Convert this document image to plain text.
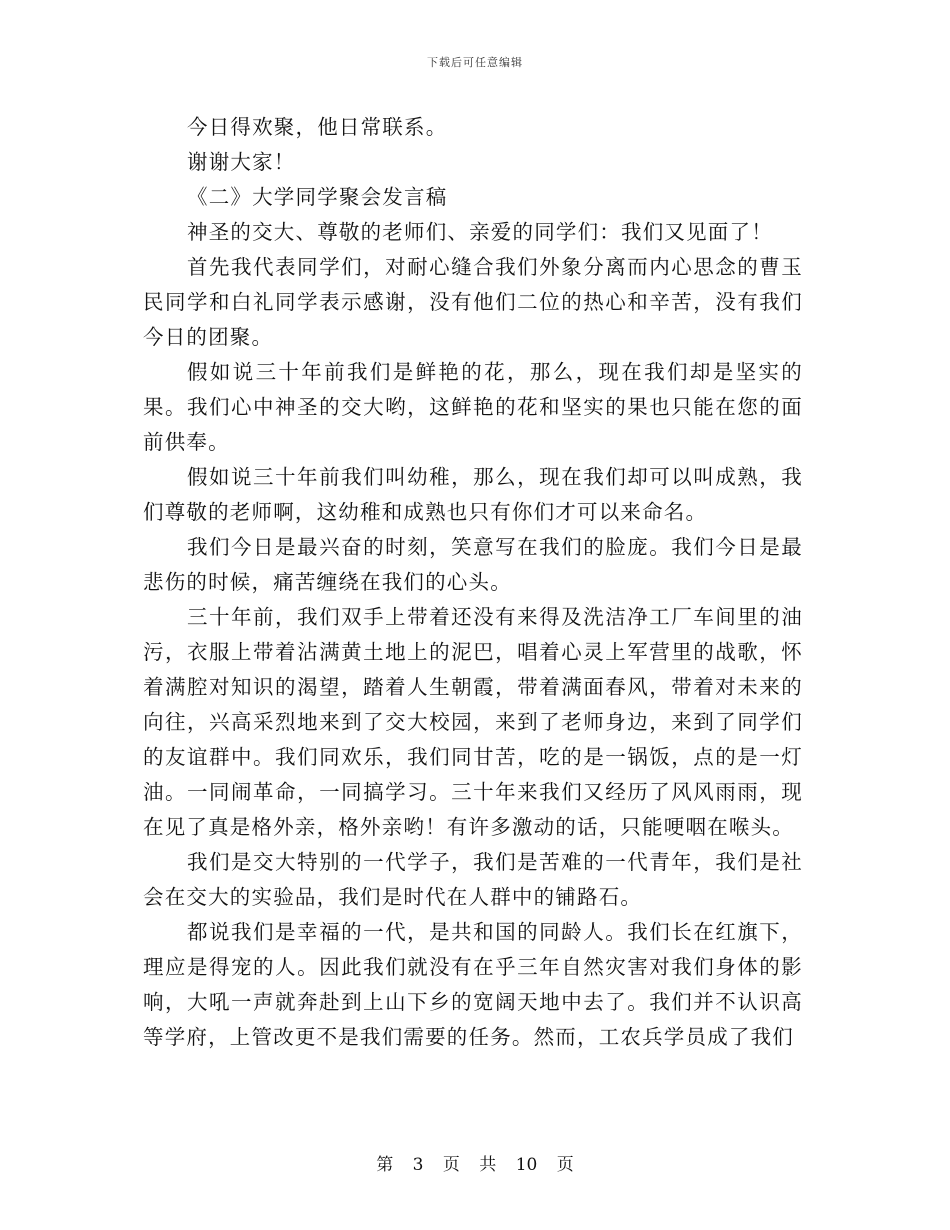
下载后可任意编辑

今日得欢聚，他日常联系。

谢谢大家！

《二》大学同学聚会发言稿

神圣的交大、尊敬的老师们、亲爱的同学们：我们又见面了！

首先我代表同学们，对耐心缝合我们外象分离而内心思念的曹玉民同学和白礼同学表示感谢，没有他们二位的热心和辛苦，没有我们今日的团聚。

假如说三十年前我们是鲜艳的花，那么，现在我们却是坚实的果。我们心中神圣的交大哟，这鲜艳的花和坚实的果也只能在您的面前供奉。

假如说三十年前我们叫幼稚，那么，现在我们却可以叫成熟，我们尊敬的老师啊，这幼稚和成熟也只有你们才可以来命名。

我们今日是最兴奋的时刻，笑意写在我们的脸庞。我们今日是最悲伤的时候，痛苦缠绕在我们的心头。

三十年前，我们双手上带着还没有来得及洗洁净工厂车间里的油污，衣服上带着沾满黄土地上的泥巴，唱着心灵上军营里的战歌，怀着满腔对知识的渴望，踏着人生朝霞，带着满面春风，带着对未来的向往，兴高采烈地来到了交大校园，来到了老师身边，来到了同学们的友谊群中。我们同欢乐，我们同甘苦，吃的是一锅饭，点的是一灯油。一同闹革命，一同搞学习。三十年来我们又经历了风风雨雨，现在见了真是格外亲，格外亲哟！有许多激动的话，只能哽咽在喉头。

我们是交大特别的一代学子，我们是苦难的一代青年，我们是社会在交大的实验品，我们是时代在人群中的铺路石。

都说我们是幸福的一代，是共和国的同龄人。我们长在红旗下，理应是得宠的人。因此我们就没有在乎三年自然灾害对我们身体的影响，大吼一声就奔赴到上山下乡的宽阔天地中去了。我们并不认识高等学府，上管改更不是我们需要的任务。然而，工农兵学员成了我们

第 3 页 共 10 页
